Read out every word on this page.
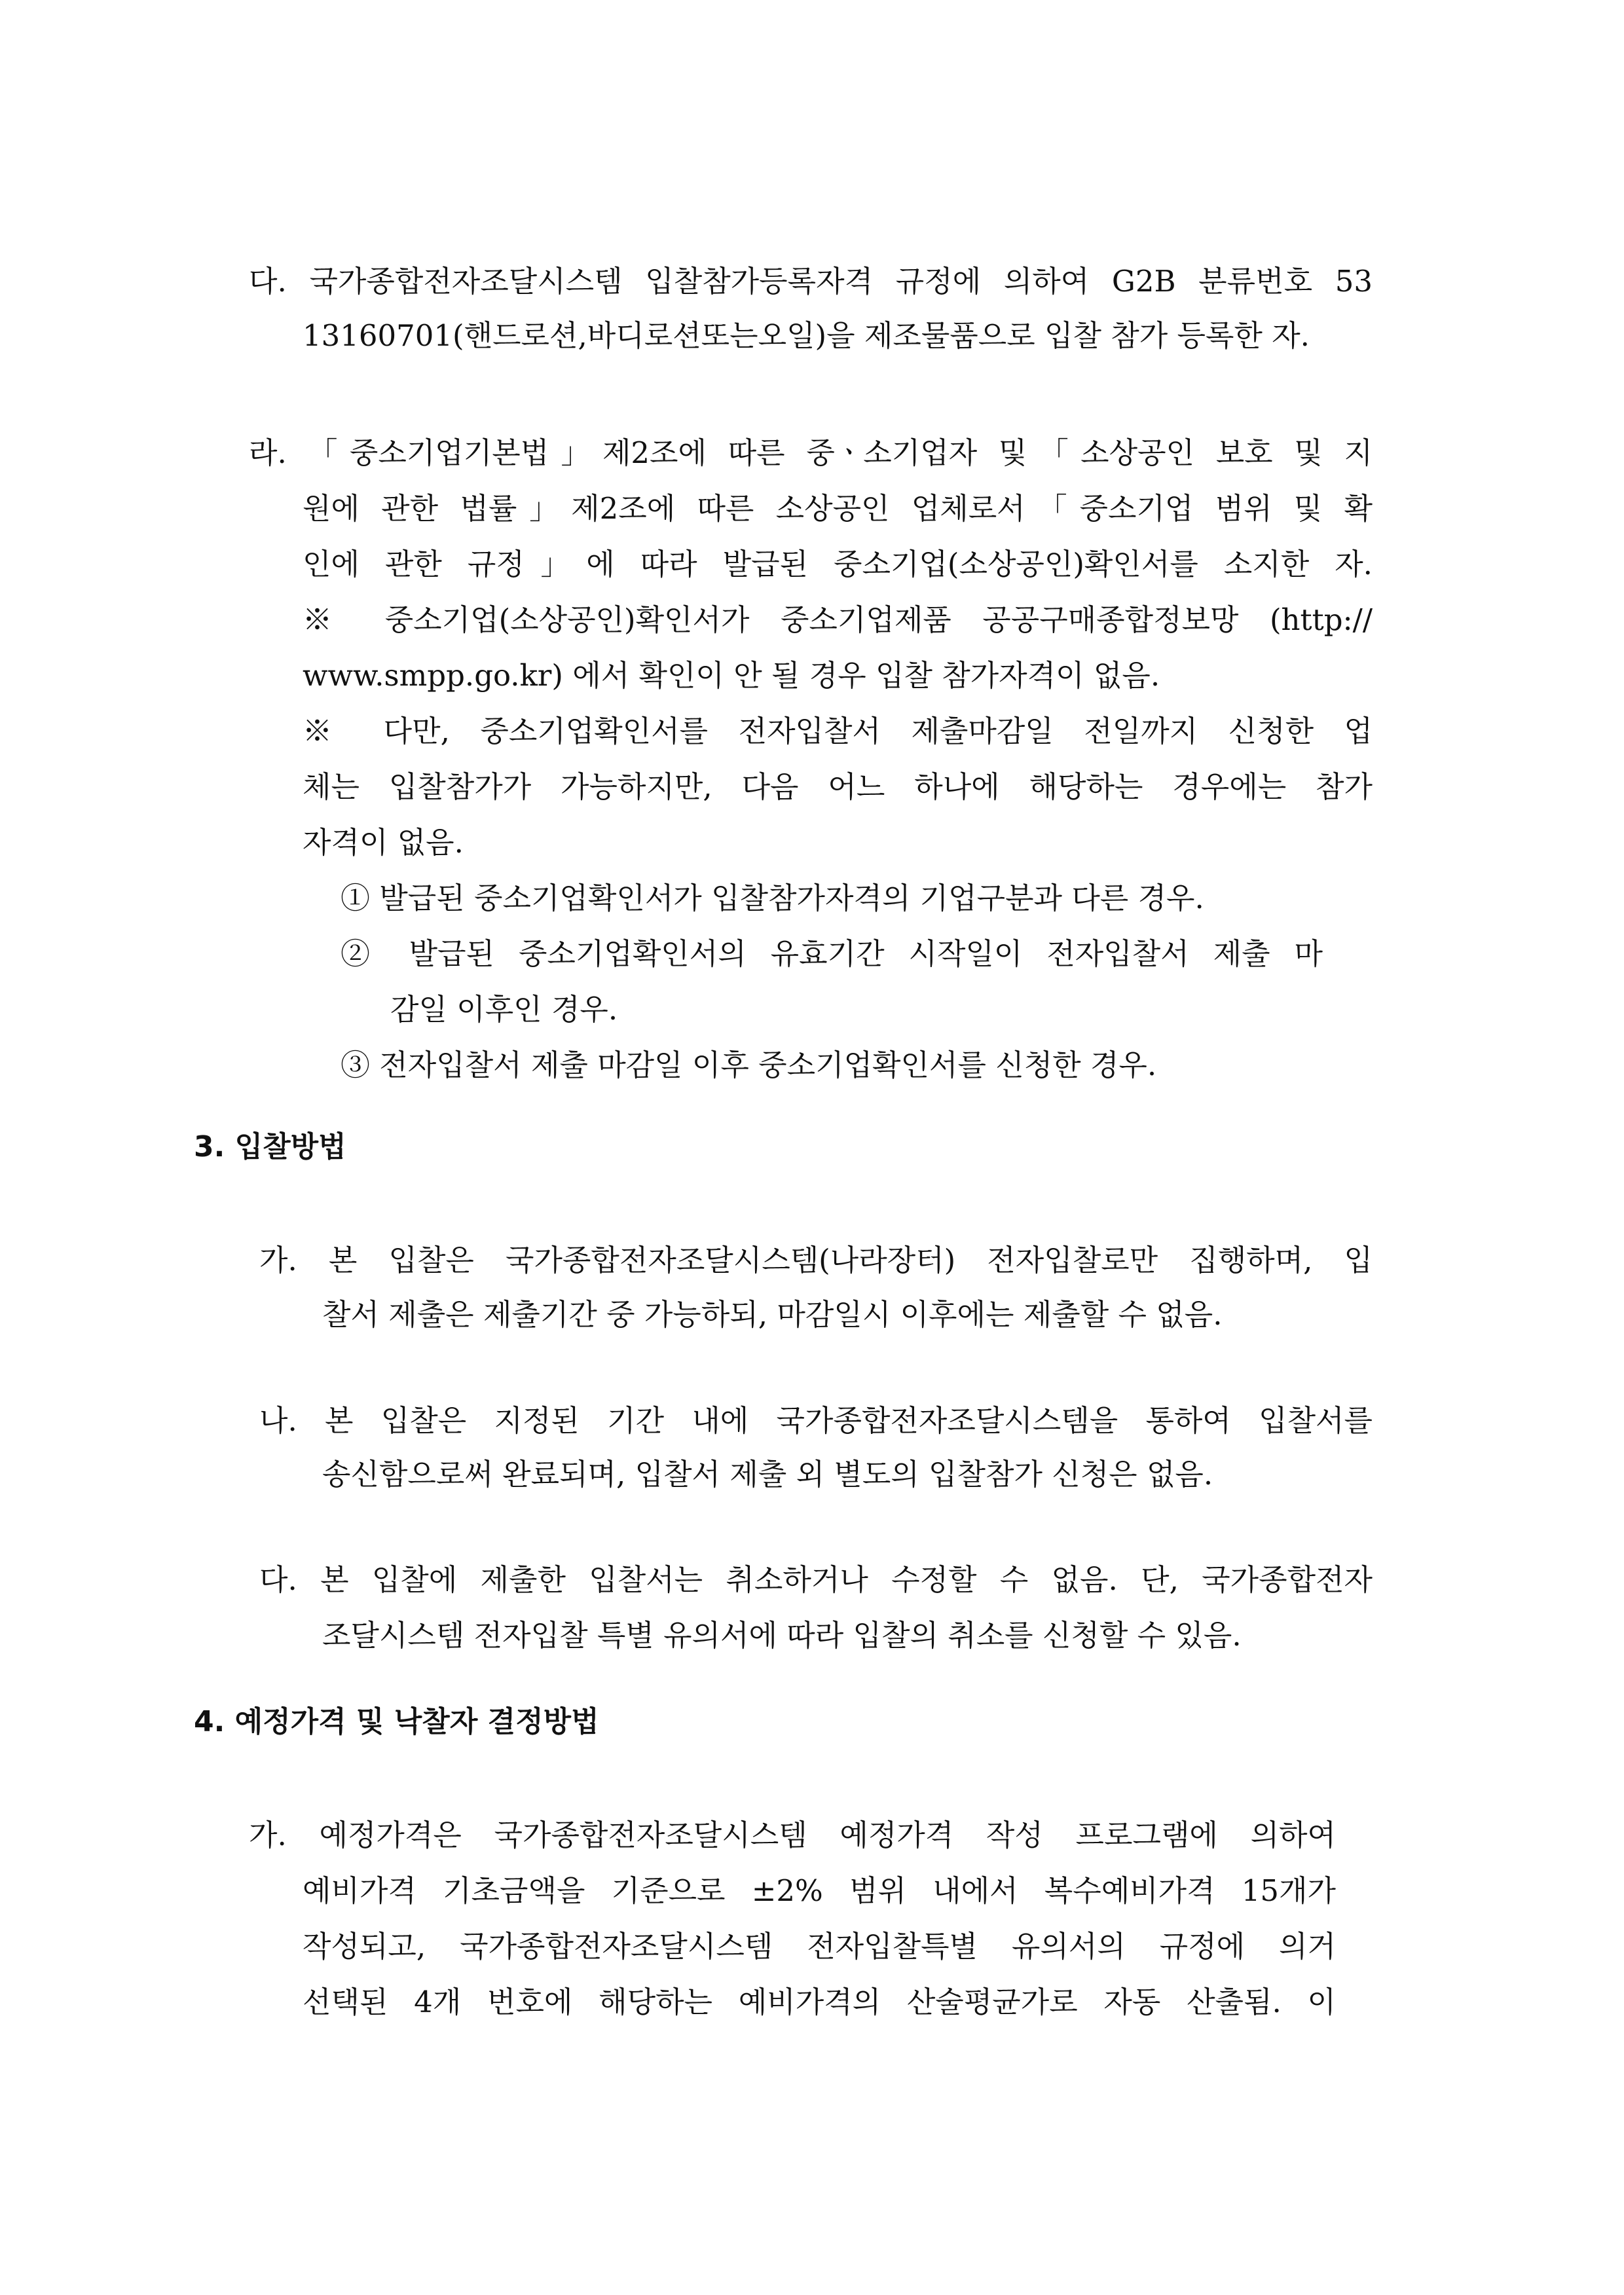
다. 국가종합전자조달시스템 입찰참가등록자격 규정에 의하여 G2B 분류번호 53
13160701(핸드로션,바디로션또는오일)을 제조물품으로 입찰 참가 등록한 자.
라. 「중소기업기본법」제2조에 따른 중ㆍ소기업자 및「소상공인 보호 및 지
원에 관한 법률」제2조에 따른 소상공인 업체로서「중소기업 범위 및 확
인에 관한 규정」에 따라 발급된 중소기업(소상공인)확인서를 소지한 자.
※ 중소기업(소상공인)확인서가 중소기업제품 공공구매종합정보망 (http://
www.smpp.go.kr) 에서 확인이 안 될 경우 입찰 참가자격이 없음.
※ 다만, 중소기업확인서를 전자입찰서 제출마감일 전일까지 신청한 업
체는 입찰참가가 가능하지만, 다음 어느 하나에 해당하는 경우에는 참가
자격이 없음.
① 발급된 중소기업확인서가 입찰참가자격의 기업구분과 다른 경우.
② 발급된 중소기업확인서의 유효기간 시작일이 전자입찰서 제출 마
감일 이후인 경우.
③ 전자입찰서 제출 마감일 이후 중소기업확인서를 신청한 경우.
3. 입찰방법
가. 본 입찰은 국가종합전자조달시스템(나라장터) 전자입찰로만 집행하며, 입
찰서 제출은 제출기간 중 가능하되, 마감일시 이후에는 제출할 수 없음.
나. 본 입찰은 지정된 기간 내에 국가종합전자조달시스템을 통하여 입찰서를
송신함으로써 완료되며, 입찰서 제출 외 별도의 입찰참가 신청은 없음.
다. 본 입찰에 제출한 입찰서는 취소하거나 수정할 수 없음. 단, 국가종합전자
조달시스템 전자입찰 특별 유의서에 따라 입찰의 취소를 신청할 수 있음.
4. 예정가격 및 낙찰자 결정방법
가. 예정가격은 국가종합전자조달시스템 예정가격 작성 프로그램에 의하여
예비가격 기초금액을 기준으로 ±2% 범위 내에서 복수예비가격 15개가
작성되고, 국가종합전자조달시스템 전자입찰특별 유의서의 규정에 의거
선택된 4개 번호에 해당하는 예비가격의 산술평균가로 자동 산출됨. 이
